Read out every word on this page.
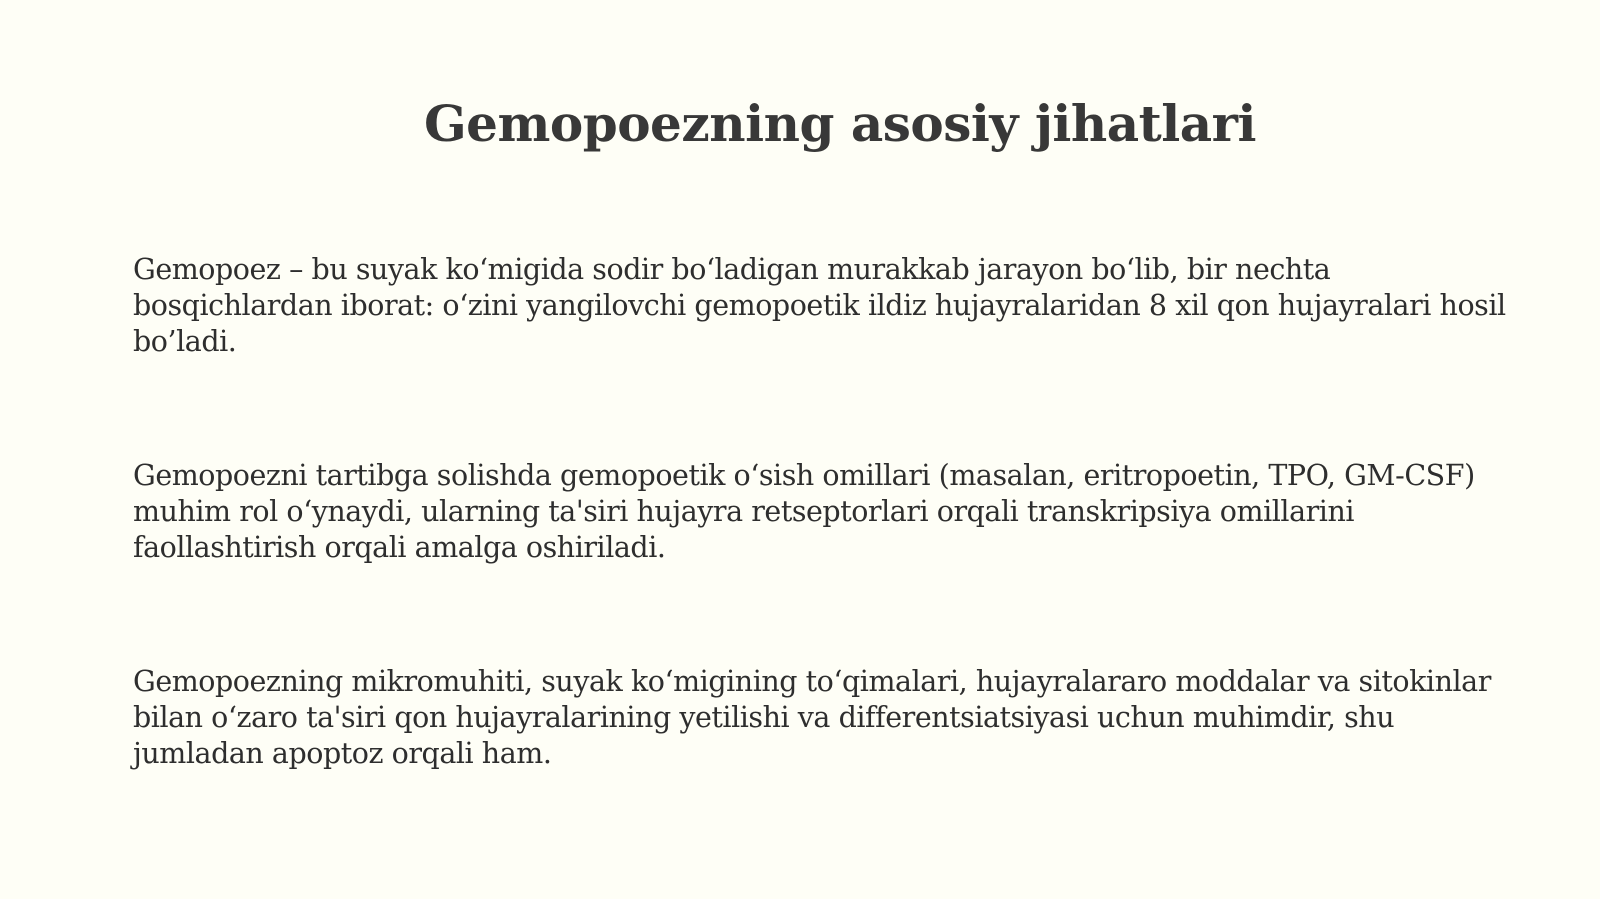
Gemopoezning asosiy jihatlari

Gemopoez – bu suyak ko‘migida sodir bo‘ladigan murakkab jarayon bo‘lib, bir nechta bosqichlardan iborat: o‘zini yangilovchi gemopoetik ildiz hujayralaridan 8 xil qon hujayralari hosil bo’ladi.

Gemopoezni tartibga solishda gemopoetik o‘sish omillari (masalan, eritropoetin, TPO, GM-CSF) muhim rol o‘ynaydi, ularning ta'siri hujayra retseptorlari orqali transkripsiya omillarini faollashtirish orqali amalga oshiriladi.

Gemopoezning mikromuhiti, suyak ko‘migining to‘qimalari, hujayralararo moddalar va sitokinlar bilan o‘zaro ta'siri qon hujayralarining yetilishi va differentsiatsiyasi uchun muhimdir, shu jumladan apoptoz orqali ham.
